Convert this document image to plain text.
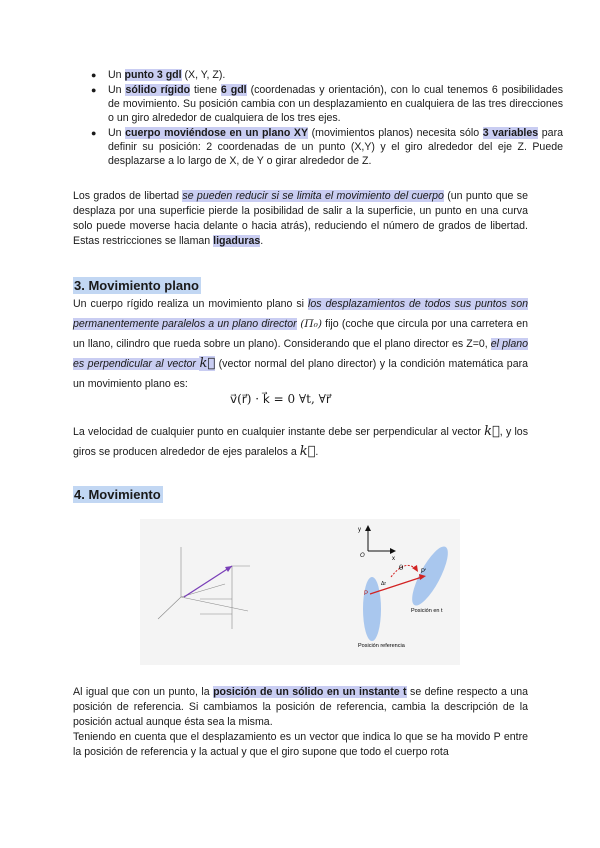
● Un punto 3 gdl (X, Y, Z).
● Un sólido rígido tiene 6 gdl (coordenadas y orientación), con lo cual tenemos 6 posibilidades de movimiento. Su posición cambia con un desplazamiento en cualquiera de las tres direcciones o un giro alrededor de cualquiera de los tres ejes.
● Un cuerpo moviéndose en un plano XY (movimientos planos) necesita sólo 3 variables para definir su posición: 2 coordenadas de un punto (X,Y) y el giro alrededor del eje Z. Puede desplazarse a lo largo de X, de Y o girar alrededor de Z.

Los grados de libertad se pueden reducir si se limita el movimiento del cuerpo (un punto que se desplaza por una superficie pierde la posibilidad de salir a la superficie, un punto en una curva solo puede moverse hacia delante o hacia atrás), reduciendo el número de grados de libertad. Estas restricciones se llaman ligaduras.

3. Movimiento plano

Un cuerpo rígido realiza un movimiento plano si los desplazamientos de todos sus puntos son permanentemente paralelos a un plano director (Π₀) fijo (coche que circula por una carretera en un llano, cilindro que rueda sobre un plano). Considerando que el plano director es Z=0, el plano es perpendicular al vector k⃗ (vector normal del plano director) y la condición matemática para un movimiento plano es:

v⃗(r⃗) · k⃗ = 0 ∀t, ∀r⃗

La velocidad de cualquier punto en cualquier instante debe ser perpendicular al vector k⃗, y los giros se producen alrededor de ejes paralelos a k⃗.

4. Movimiento
y
x
O
θ
Δr
P
P'
Posición en t
Posición referencia

Al igual que con un punto, la posición de un sólido en un instante t se define respecto a una posición de referencia. Si cambiamos la posición de referencia, cambia la descripción de la posición actual aunque ésta sea la misma.

Teniendo en cuenta que el desplazamiento es un vector que indica lo que se ha movido P entre la posición de referencia y la actual y que el giro supone que todo el cuerpo rota
